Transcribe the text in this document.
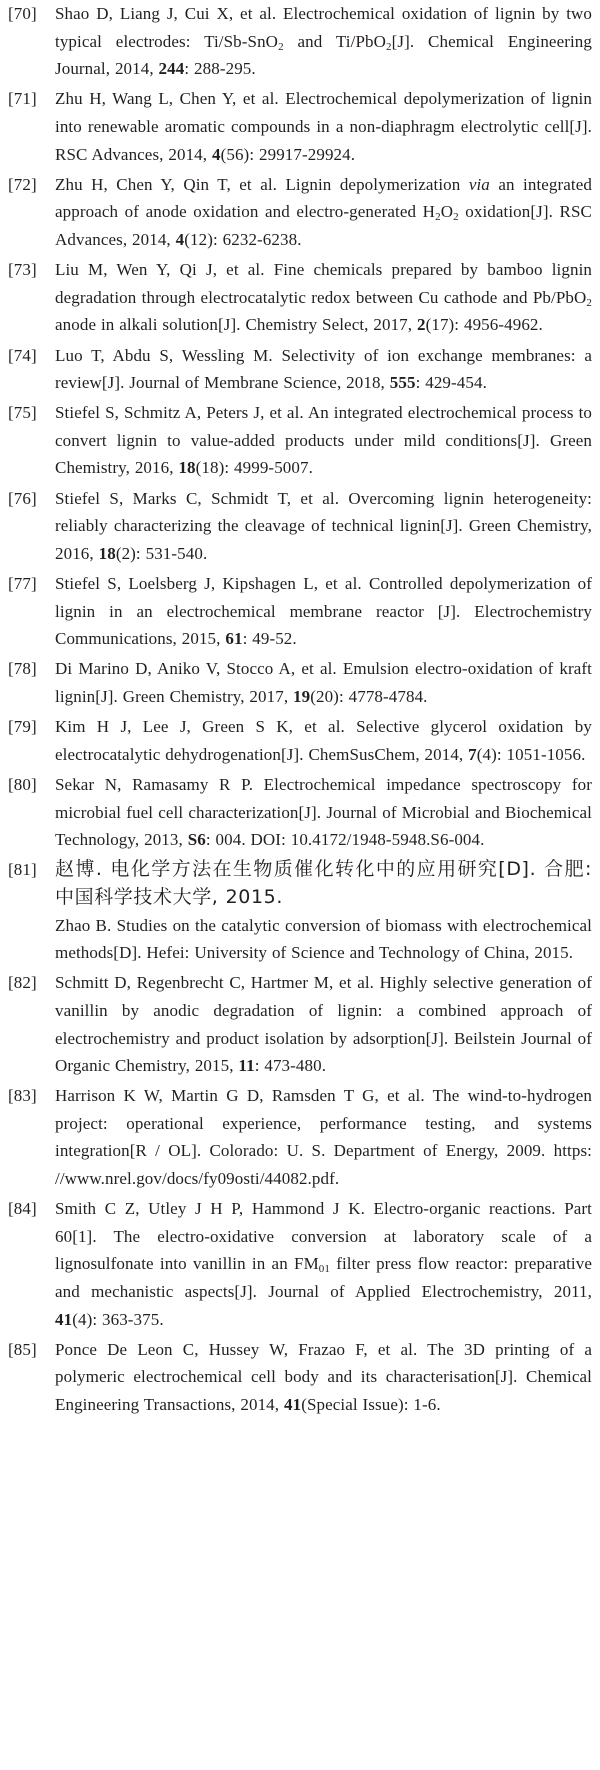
[70]	Shao D, Liang J, Cui X, et al. Electrochemical oxidation of lignin by two typical electrodes: Ti/Sb-SnO$_2$ and Ti/PbO$_2$[J]. Chemical Engineering Journal, 2014, 244: 288-295.
[71]	Zhu H, Wang L, Chen Y, et al. Electrochemical depolymerization of lignin into renewable aromatic compounds in a non-diaphragm electrolytic cell[J]. RSC Advances, 2014, 4(56): 29917-29924.
[72]	Zhu H, Chen Y, Qin T, et al. Lignin depolymerization via an integrated approach of anode oxidation and electro-generated $H_2O_2$ oxidation[J]. RSC Advances, 2014, 4(12): 6232-6238.
[73]	Liu M, Wen Y, Qi J, et al. Fine chemicals prepared by bamboo lignin degradation through electrocatalytic redox between Cu cathode and Pb/PbO$_2$ anode in alkali solution[J]. Chemistry Select, 2017, 2(17): 4956-4962.
[74]	Luo T, Abdu S, Wessling M. Selectivity of ion exchange membranes: a review[J]. Journal of Membrane Science, 2018, 555: 429-454.
[75]	Stiefel S, Schmitz A, Peters J, et al. An integrated electrochemical process to convert lignin to value-added products under mild conditions[J]. Green Chemistry, 2016, 18(18): 4999-5007.
[76]	Stiefel S, Marks C, Schmidt T, et al. Overcoming lignin heterogeneity: reliably characterizing the cleavage of technical lignin[J]. Green Chemistry, 2016, 18(2): 531-540.
[77]	Stiefel S, Loelsberg J, Kipshagen L, et al. Controlled depolymerization of lignin in an electrochemical membrane reactor [J]. Electrochemistry Communications, 2015, 61: 49-52.
[78]	Di Marino D, Aniko V, Stocco A, et al. Emulsion electro-oxidation of kraft lignin[J]. Green Chemistry, 2017, 19(20): 4778-4784.
[79]	Kim H J, Lee J, Green S K, et al. Selective glycerol oxidation by electrocatalytic dehydrogenation[J]. ChemSusChem, 2014, 7(4): 1051-1056.
[80]	Sekar N, Ramasamy R P. Electrochemical impedance spectroscopy for microbial fuel cell characterization[J]. Journal of Microbial and Biochemical Technology, 2013, S6: 004. DOI: 10.4172/1948-5948.S6-004.
[81] 赵博. 电化学方法在生物质催化转化中的应用研究[D]. 合肥: 中国科学技术大学, 2015.
Zhao B. Studies on the catalytic conversion of biomass with electrochemical methods[D]. Hefei: University of Science and Technology of China, 2015.
[82]	Schmitt D, Regenbrecht C, Hartmer M, et al. Highly selective generation of vanillin by anodic degradation of lignin: a combined approach of electrochemistry and product isolation by adsorption[J]. Beilstein Journal of Organic Chemistry, 2015, 11: 473-480.
[83]	Harrison K W, Martin G D, Ramsden T G, et al. The wind-to-hydrogen project: operational experience, performance testing, and systems integration[R / OL]. Colorado: U. S. Department of Energy, 2009. https: //www.nrel.gov/docs/fy09osti/44082.pdf.
[84]	Smith C Z, Utley J H P, Hammond J K. Electro-organic reactions. Part 60[1]. The electro-oxidative conversion at laboratory scale of a lignosulfonate into vanillin in an $FM_{01}$ filter press flow reactor: preparative and mechanistic aspects[J]. Journal of Applied Electrochemistry, 2011, 41(4): 363-375.
[85]	Ponce De Leon C, Hussey W, Frazao F, et al. The 3D printing of a polymeric electrochemical cell body and its characterisation[J]. Chemical Engineering Transactions, 2014, 41(Special Issue): 1-6.
